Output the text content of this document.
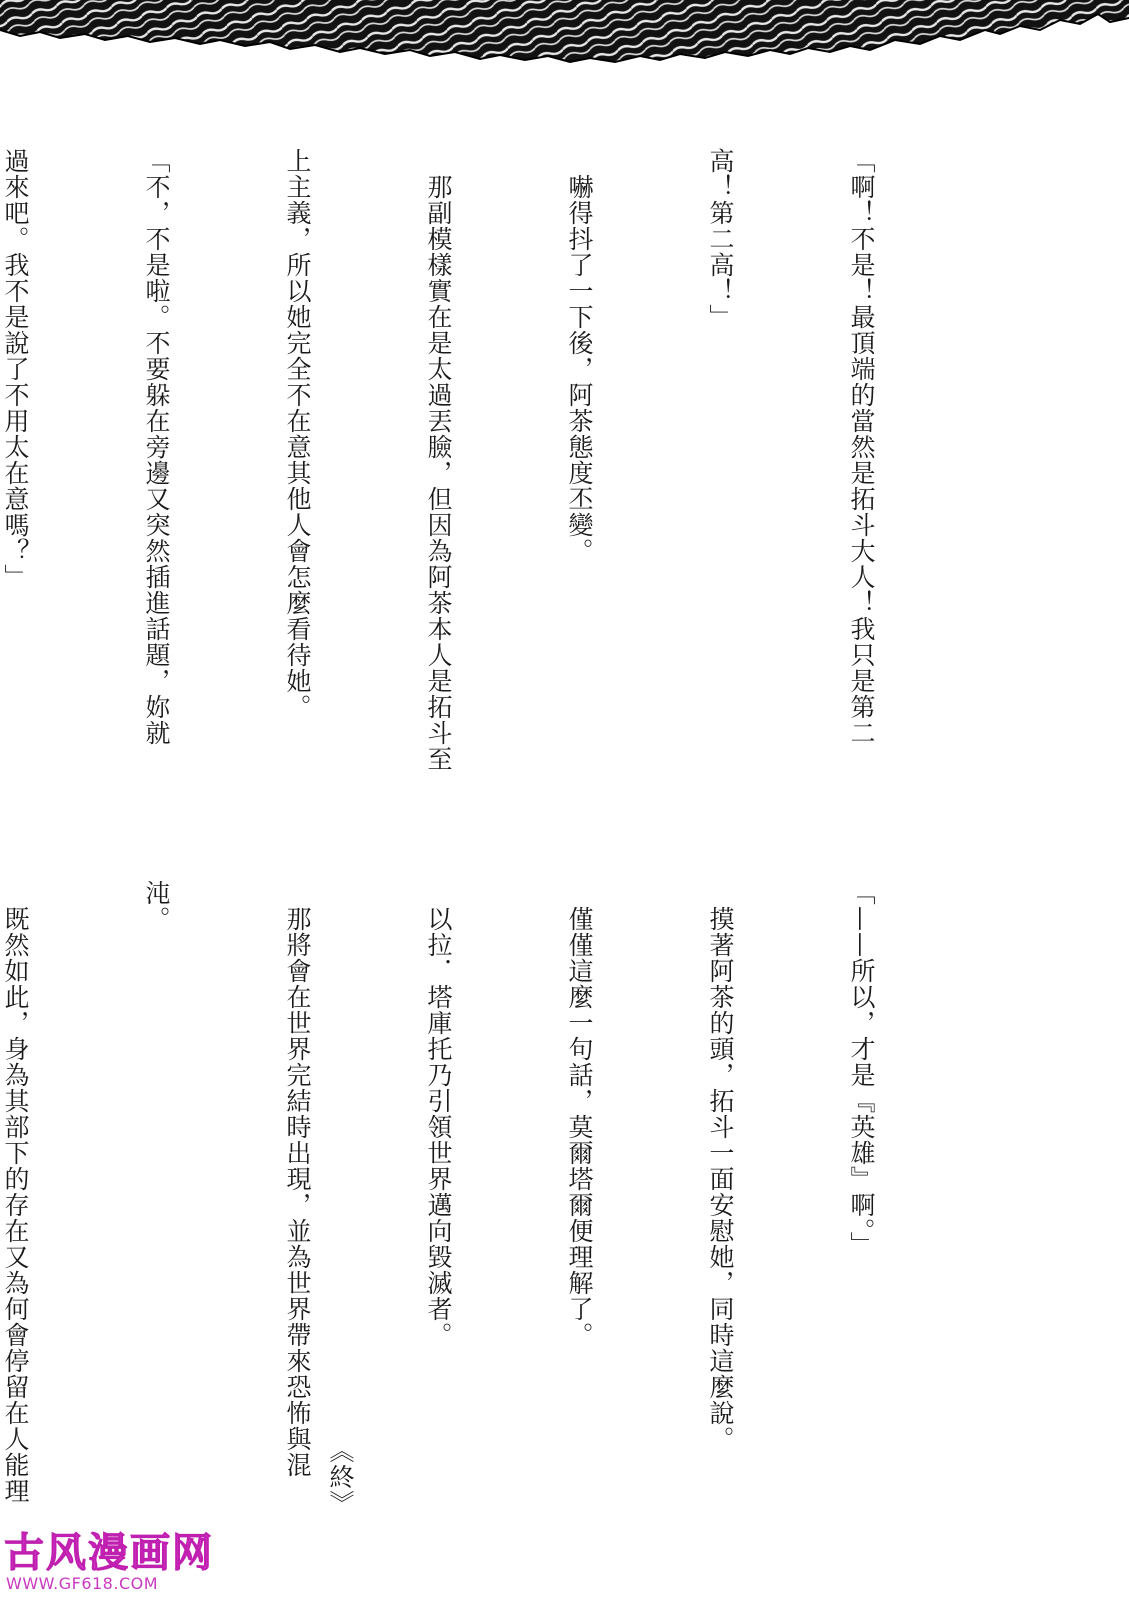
「啊！不是！最頂端的當然是拓斗大人！我只是第二

高！第二高！」

　嚇得抖了一下後，阿茶態度丕變。

　那副模樣實在是太過丟臉，但因為阿茶本人是拓斗至

上主義，所以她完全不在意其他人會怎麼看待她。

「不，不是啦。不要躲在旁邊又突然插進話題，妳就

過來吧。我不是說了不用太在意嗎？」

「——所以，才是『英雄』啊。」

　摸著阿茶的頭，拓斗一面安慰她，同時這麼說。

　僅僅這麼一句話，莫爾塔爾便理解了。

　以拉．塔庫托乃引領世界邁向毀滅者。

　那將會在世界完結時出現，並為世界帶來恐怖與混

沌。

　既然如此，身為其部下的存在又為何會停留在人能理

	《終》
古风漫画网
WWW.GF618.COM
